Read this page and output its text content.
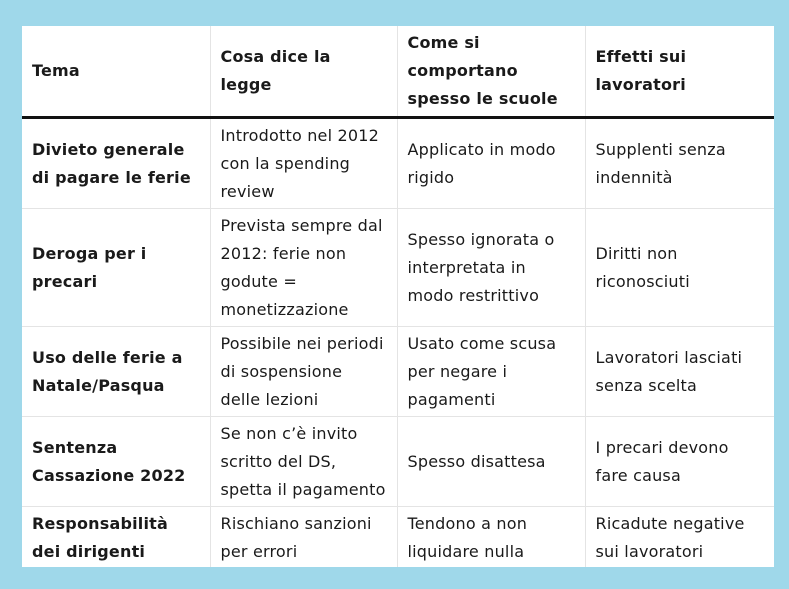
Tema	Cosa dice la legge	Come si comportano spesso le scuole	Effetti sui lavoratori
Divieto generale di pagare le ferie	Introdotto nel 2012 con la spending review	Applicato in modo rigido	Supplenti senza indennità
Deroga per i precari	Prevista sempre dal 2012: ferie non godute = monetizzazione	Spesso ignorata o interpretata in modo restrittivo	Diritti non riconosciuti
Uso delle ferie a Natale/Pasqua	Possibile nei periodi di sospensione delle lezioni	Usato come scusa per negare i pagamenti	Lavoratori lasciati senza scelta
Sentenza Cassazione 2022	Se non c’è invito scritto del DS, spetta il pagamento	Spesso disattesa	I precari devono fare causa
Responsabilità dei dirigenti	Rischiano sanzioni per errori	Tendono a non liquidare nulla	Ricadute negative sui lavoratori
